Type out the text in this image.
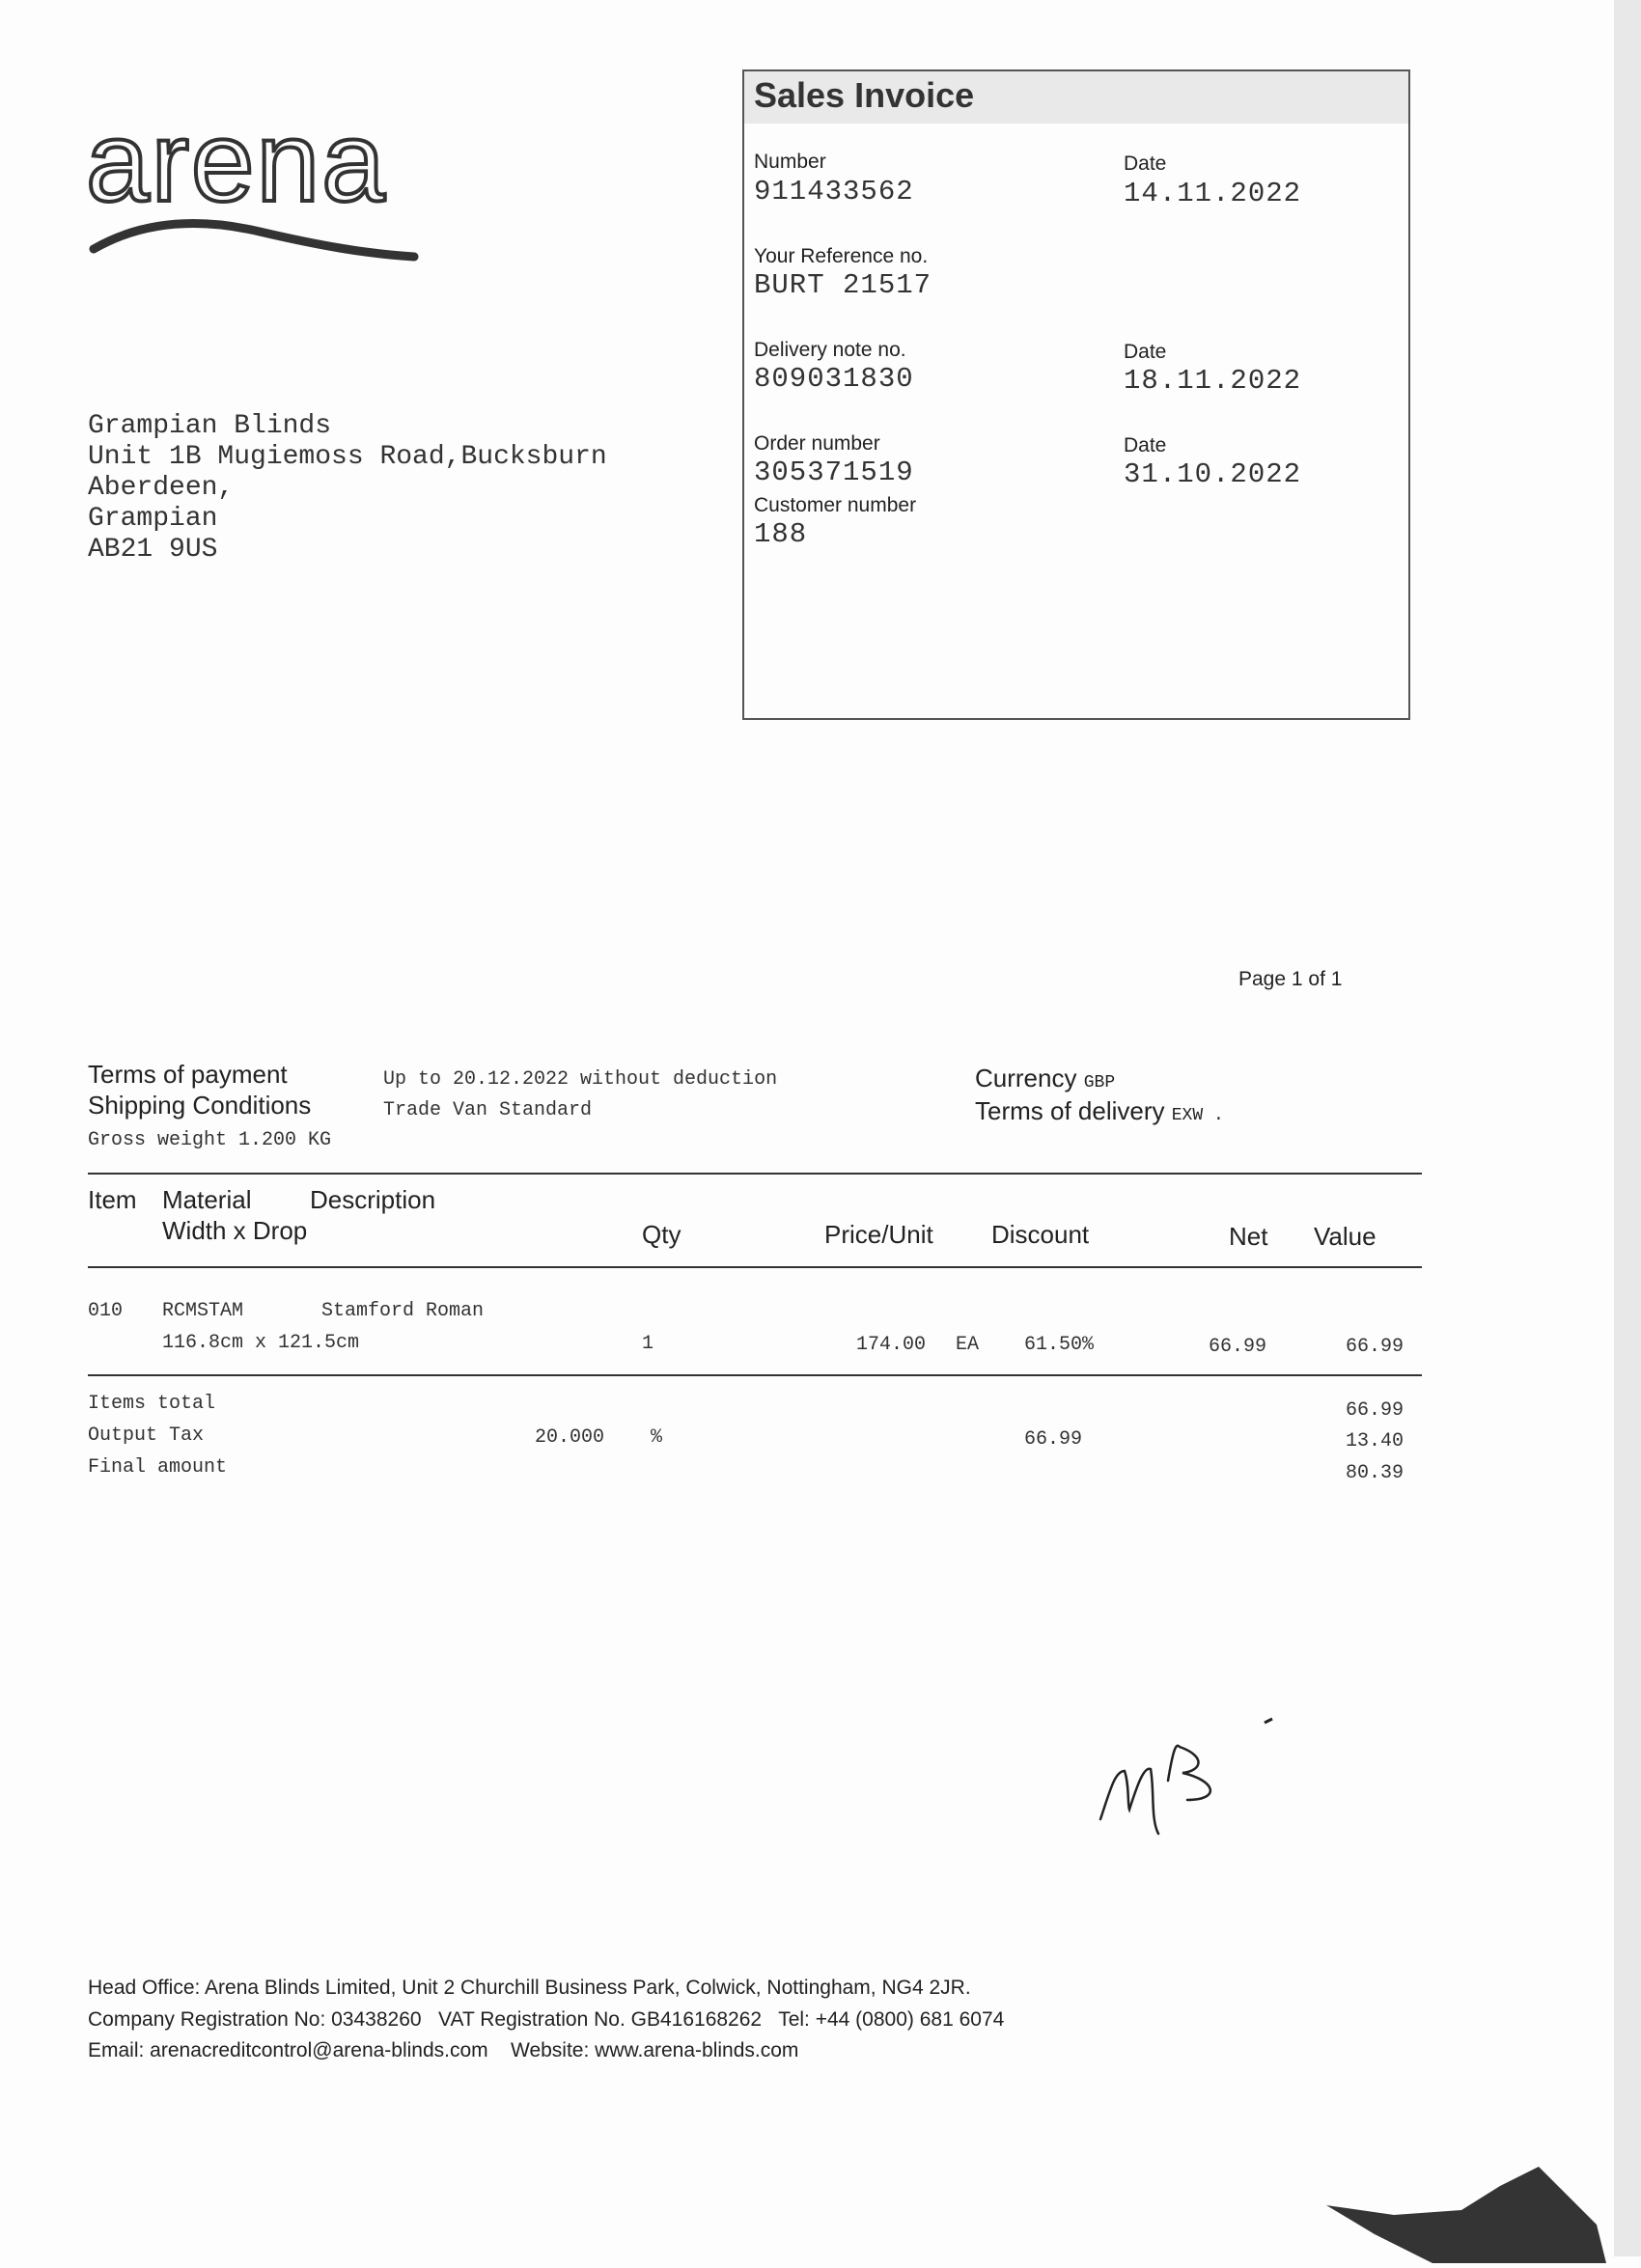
arena
Sales Invoice
Number
911433562
Date
14.11.2022
Your Reference no.
BURT 21517
Delivery note no.
809031830
Date
18.11.2022
Order number
305371519
Date
31.10.2022
Customer number
188
Grampian Blinds
Unit 1B Mugiemoss Road,Bucksburn
Aberdeen,
Grampian
AB21 9US
Page 1 of 1
Terms of payment	Up to 20.12.2022 without deduction
Shipping Conditions	Trade Van Standard
Gross weight 1.200 KG
Currency GBP
Terms of delivery EXW .
Item Material Description
Width x Drop	Qty	Price/Unit Discount	Net Value
010 RCMSTAM	Stamford Roman
116.8cm x 121.5cm	1	174.00 EA 61.50%	66.99	66.99
Items total	66.99
Output Tax	20.000 %	66.99	13.40
Final amount	80.39
Head Office: Arena Blinds Limited, Unit 2 Churchill Business Park, Colwick, Nottingham, NG4 2JR.
Company Registration No: 03438260   VAT Registration No. GB416168262   Tel: +44 (0800) 681 6074
Email: arenacreditcontrol@arena-blinds.com    Website: www.arena-blinds.com
